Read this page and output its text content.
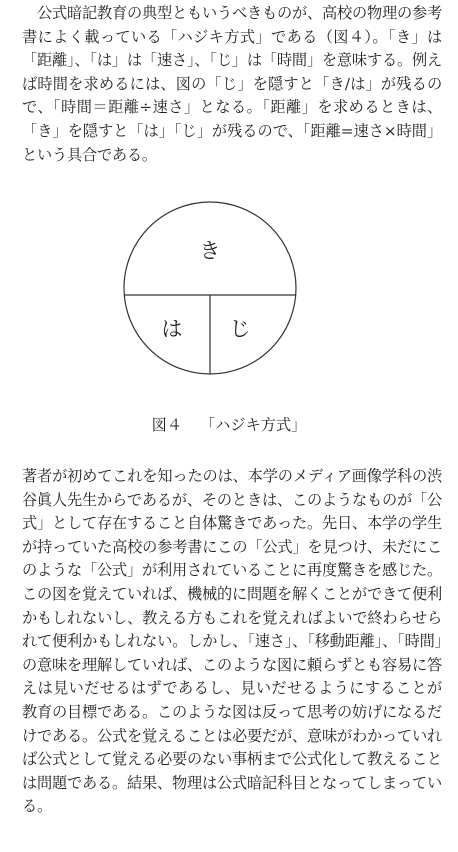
　公式暗記教育の典型ともいうべきものが、高校の物理の参考書によく載っている「ハジキ方式」である（図４）。「き」は「距離」、「は」は「速さ」、「じ」は「時間」を意味する。例えば時間を求めるには、図の「じ」を隠すと「き/は」が残るので、「時間＝距離÷速さ」となる。「距離」を求めるときは、「き」を隠すと「は」「じ」が残るので、「距離=速さ×時間」という具合である。

き
は じ
図４ 「ハジキ方式」

著者が初めてこれを知ったのは、本学のメディア画像学科の渋谷眞人先生からであるが、そのときは、このようなものが「公式」として存在すること自体驚きであった。先日、本学の学生が持っていた高校の参考書にこの「公式」を見つけ、未だにこのような「公式」が利用されていることに再度驚きを感じた。この図を覚えていれば、機械的に問題を解くことができて便利かもしれないし、教える方もこれを覚えればよいで終わらせられて便利かもしれない。しかし、「速さ」、「移動距離」、「時間」の意味を理解していれば、このような図に頼らずとも容易に答えは見いだせるはずであるし、見いだせるようにすることが教育の目標である。このような図は反って思考の妨げになるだけである。公式を覚えることは必要だが、意味がわかっていれば公式として覚える必要のない事柄まで公式化して教えることは問題である。結果、物理は公式暗記科目となってしまっている。
